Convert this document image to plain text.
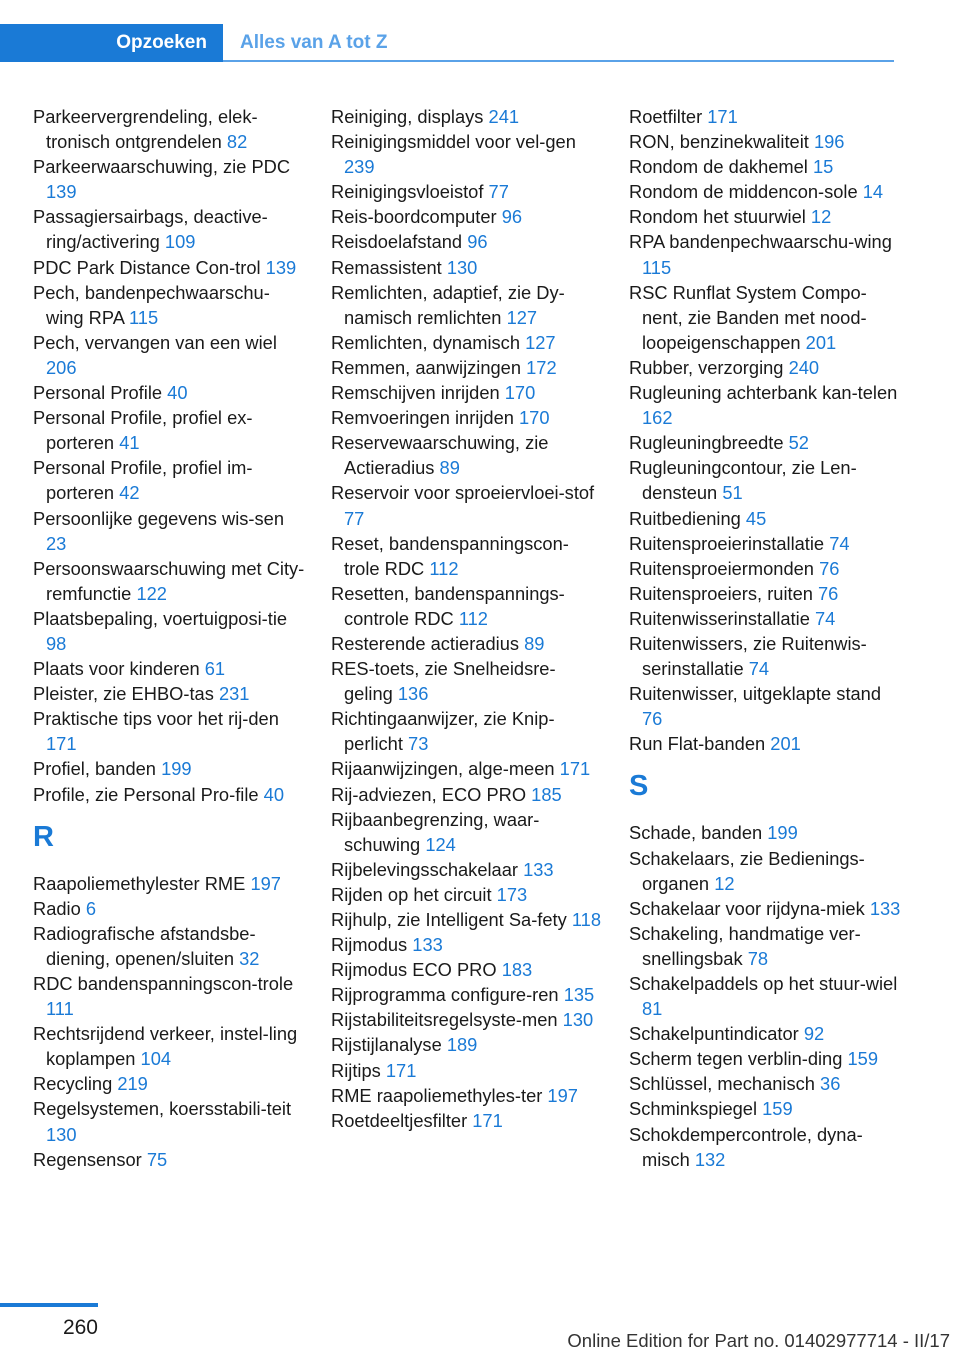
Opzoeken	Alles van A tot Z
Parkeervergrendeling, elek-tronisch ontgrendelen 82
Parkeerwaarschuwing, zie PDC 139
Passagiersairbags, deactive-ring/activering 109
PDC Park Distance Con-trol 139
Pech, bandenpechwaarschu-wing RPA 115
Pech, vervangen van een wiel 206
Personal Profile 40
Personal Profile, profiel ex-porteren 41
Personal Profile, profiel im-porteren 42
Persoonlijke gegevens wis-sen 23
Persoonswaarschuwing met City-remfunctie 122
Plaatsbepaling, voertuigposi-tie 98
Plaats voor kinderen 61
Pleister, zie EHBO-tas 231
Praktische tips voor het rij-den 171
Profiel, banden 199
Profile, zie Personal Pro-file 40
R
Raapoliemethylester RME 197
Radio 6
Radiografische afstandsbe-diening, openen/sluiten 32
RDC bandenspanningscon-trole 111
Rechtsrijdend verkeer, instel-ling koplampen 104
Recycling 219
Regelsystemen, koersstabili-teit 130
Regensensor 75
Reiniging, displays 241
Reinigingsmiddel voor vel-gen 239
Reinigingsvloeistof 77
Reis-boordcomputer 96
Reisdoelafstand 96
Remassistent 130
Remlichten, adaptief, zie Dy-namisch remlichten 127
Remlichten, dynamisch 127
Remmen, aanwijzingen 172
Remschijven inrijden 170
Remvoeringen inrijden 170
Reservewaarschuwing, zie Actieradius 89
Reservoir voor sproeiervloei-stof 77
Reset, bandenspanningscon-trole RDC 112
Resetten, bandenspannings-controle RDC 112
Resterende actieradius 89
RES-toets, zie Snelheidsre-geling 136
Richtingaanwijzer, zie Knip-perlicht 73
Rijaanwijzingen, alge-meen 171
Rij-adviezen, ECO PRO 185
Rijbaanbegrenzing, waar-schuwing 124
Rijbelevingsschakelaar 133
Rijden op het circuit 173
Rijhulp, zie Intelligent Sa-fety 118
Rijmodus 133
Rijmodus ECO PRO 183
Rijprogramma configure-ren 135
Rijstabiliteitsregelsyste-men 130
Rijstijlanalyse 189
Rijtips 171
RME raapoliemethyles-ter 197
Roetdeeltjesfilter 171
Roetfilter 171
RON, benzinekwaliteit 196
Rondom de dakhemel 15
Rondom de middencon-sole 14
Rondom het stuurwiel 12
RPA bandenpechwaarschu-wing 115
RSC Runflat System Compo-nent, zie Banden met nood-loopeigenschappen 201
Rubber, verzorging 240
Rugleuning achterbank kan-telen 162
Rugleuningbreedte 52
Rugleuningcontour, zie Len-densteun 51
Ruitbediening 45
Ruitensproeierinstallatie 74
Ruitensproeiermonden 76
Ruitensproeiers, ruiten 76
Ruitenwisserinstallatie 74
Ruitenwissers, zie Ruitenwis-serinstallatie 74
Ruitenwisser, uitgeklapte stand 76
Run Flat-banden 201
S
Schade, banden 199
Schakelaars, zie Bedienings-organen 12
Schakelaar voor rijdyna-miek 133
Schakeling, handmatige ver-snellingsbak 78
Schakelpaddels op het stuur-wiel 81
Schakelpuntindicator 92
Scherm tegen verblin-ding 159
Schlüssel, mechanisch 36
Schminkspiegel 159
Schokdempercontrole, dyna-misch 132
260
Online Edition for Part no. 01402977714 - II/17
